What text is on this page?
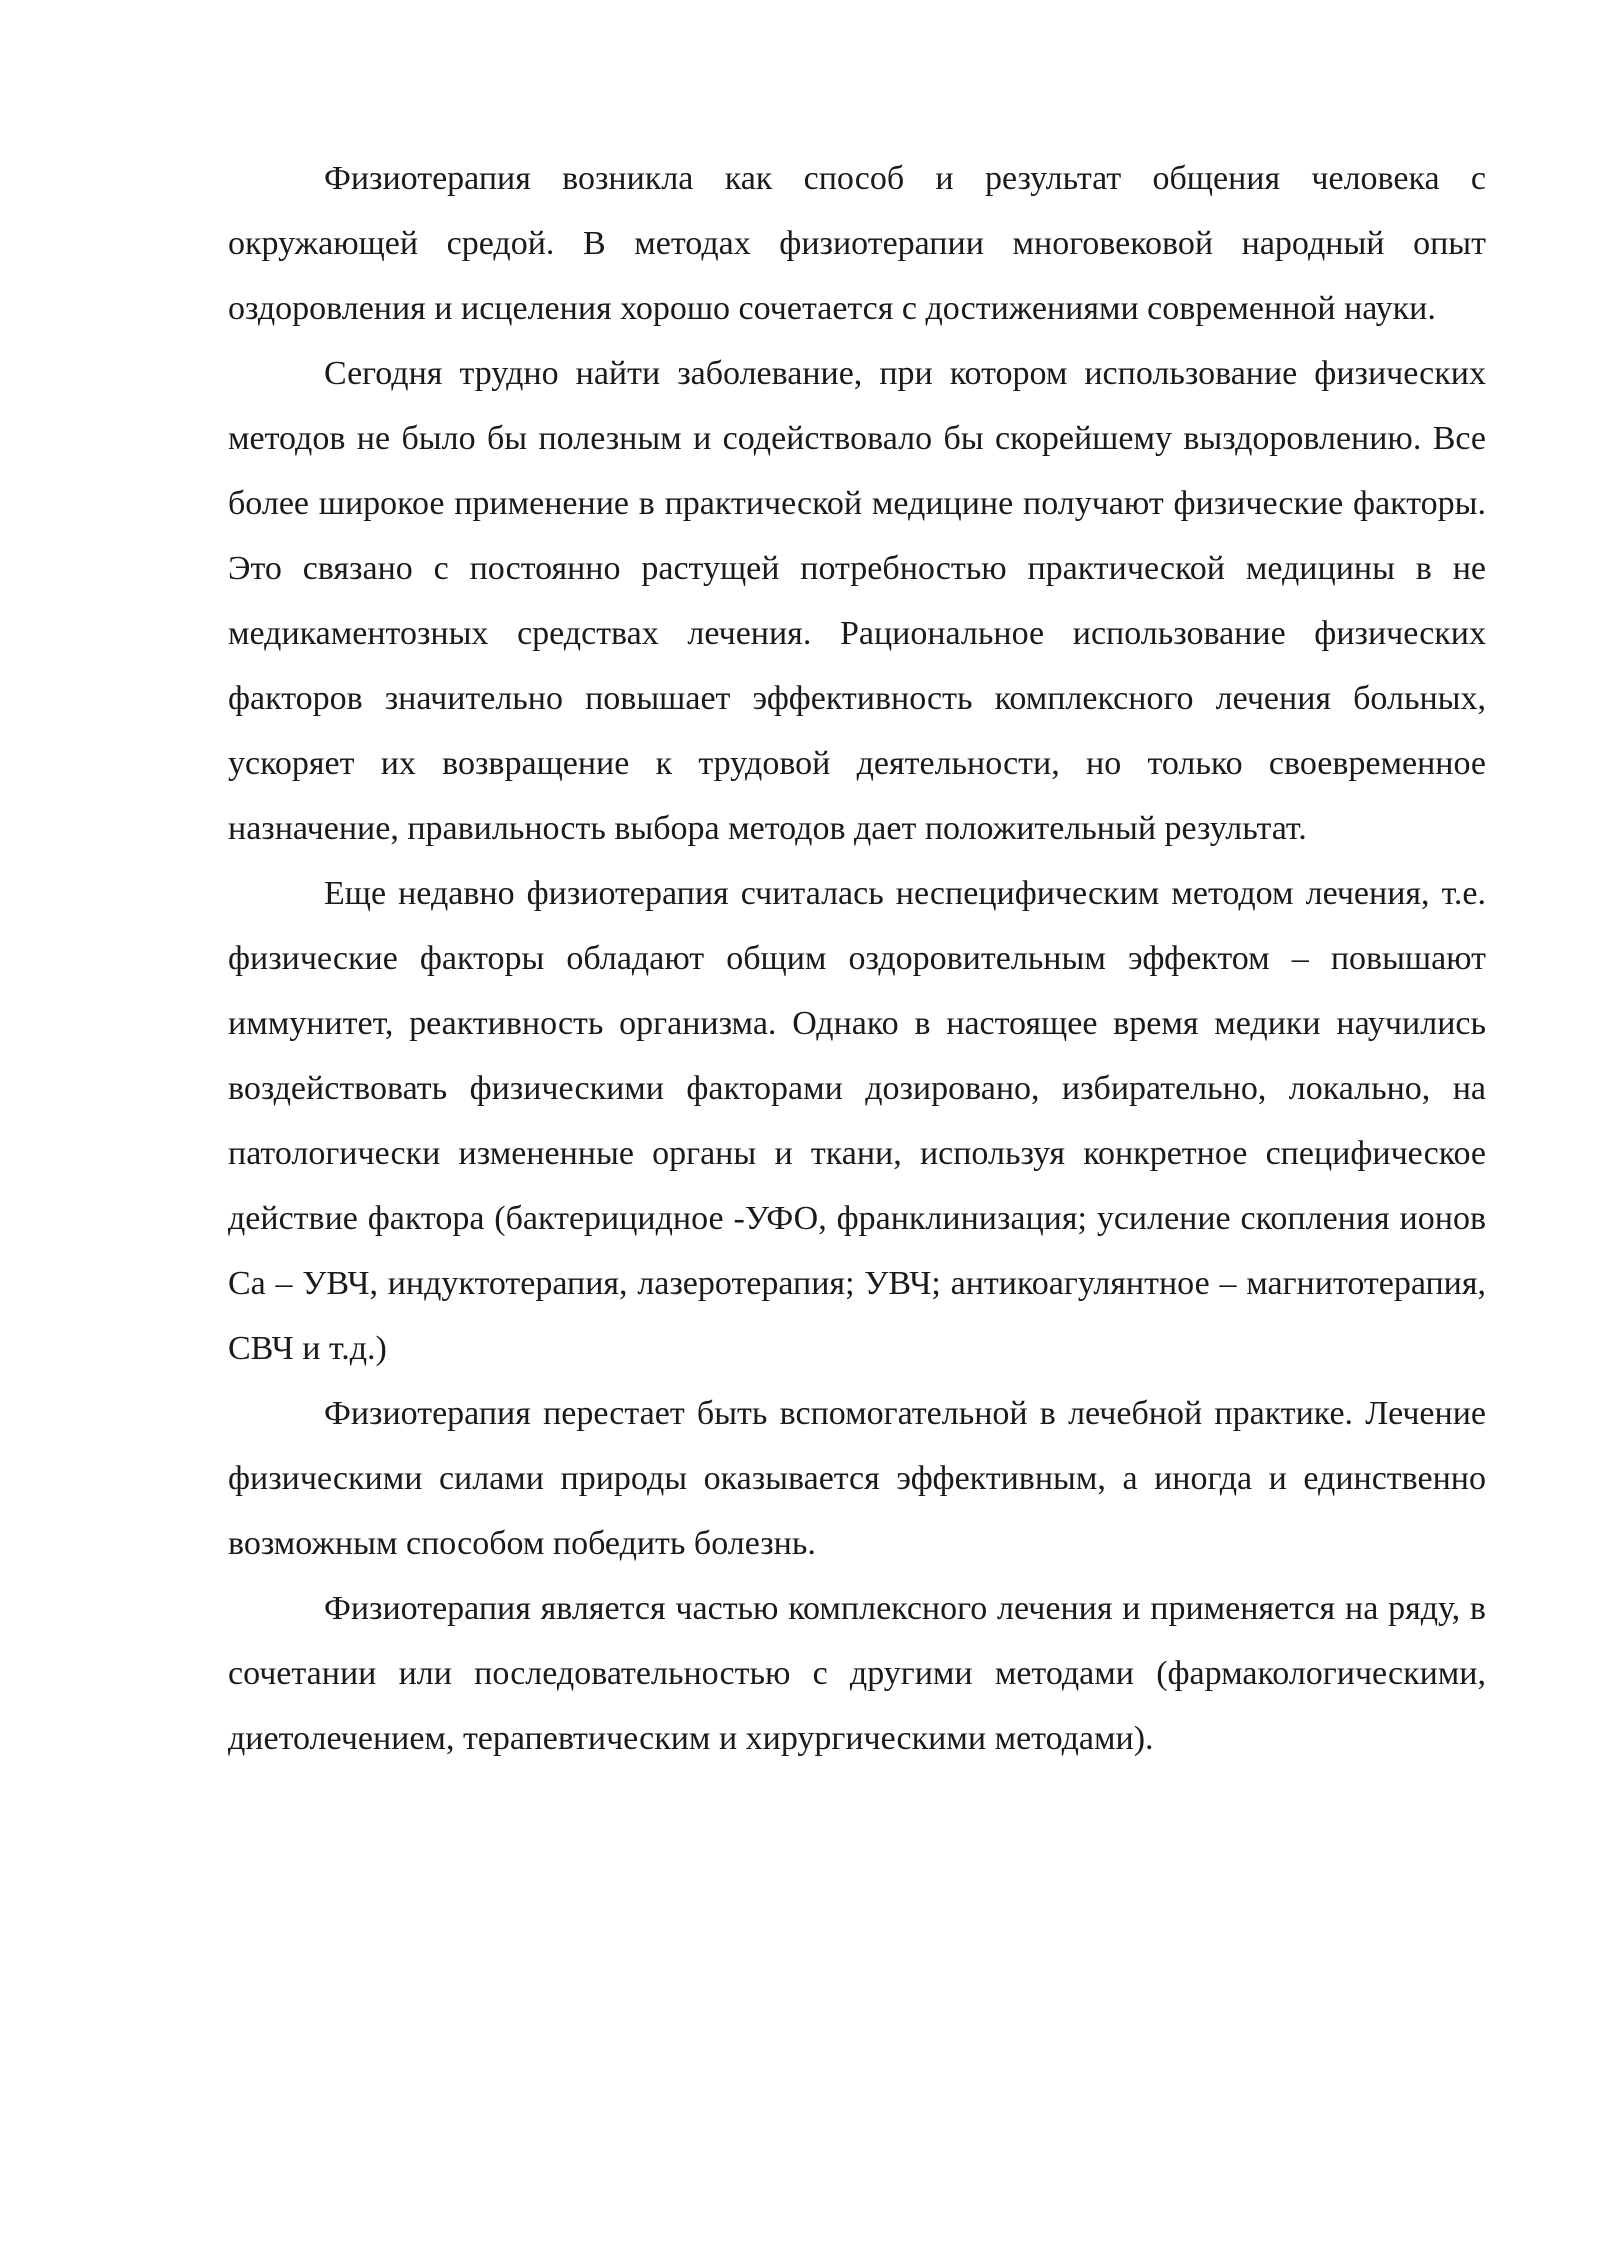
Физиотерапия возникла как способ и результат общения человека с окружающей средой. В методах физиотерапии многовековой народный опыт оздоровления и исцеления хорошо сочетается с достижениями современной науки.

Сегодня трудно найти заболевание, при котором использование физических методов не было бы полезным и содействовало бы скорейшему выздоровлению. Все более широкое применение в практической медицине получают физические факторы. Это связано с постоянно растущей потребностью практической медицины в не медикаментозных средствах лечения. Рациональное использование физических факторов значительно повышает эффективность комплексного лечения больных, ускоряет их возвращение к трудовой деятельности, но только своевременное назначение, правильность выбора методов дает положительный результат.

Еще недавно физиотерапия считалась неспецифическим методом лечения, т.е. физические факторы обладают общим оздоровительным эффектом – повышают иммунитет, реактивность организма. Однако в настоящее время медики научились воздействовать физическими факторами дозировано, избирательно, локально, на патологически измененные органы и ткани, используя конкретное специфическое действие фактора (бактерицидное -УФО, франклинизация; усиление скопления ионов Са – УВЧ, индуктотерапия, лазеротерапия; УВЧ; антикоагулянтное – магнитотерапия, СВЧ и т.д.)

Физиотерапия перестает быть вспомогательной в лечебной практике. Лечение физическими силами природы оказывается эффективным, а иногда и единственно возможным способом победить болезнь.

Физиотерапия является частью комплексного лечения и применяется на ряду, в сочетании или последовательностью с другими методами (фармакологическими, диетолечением, терапевтическим и хирургическими методами).
